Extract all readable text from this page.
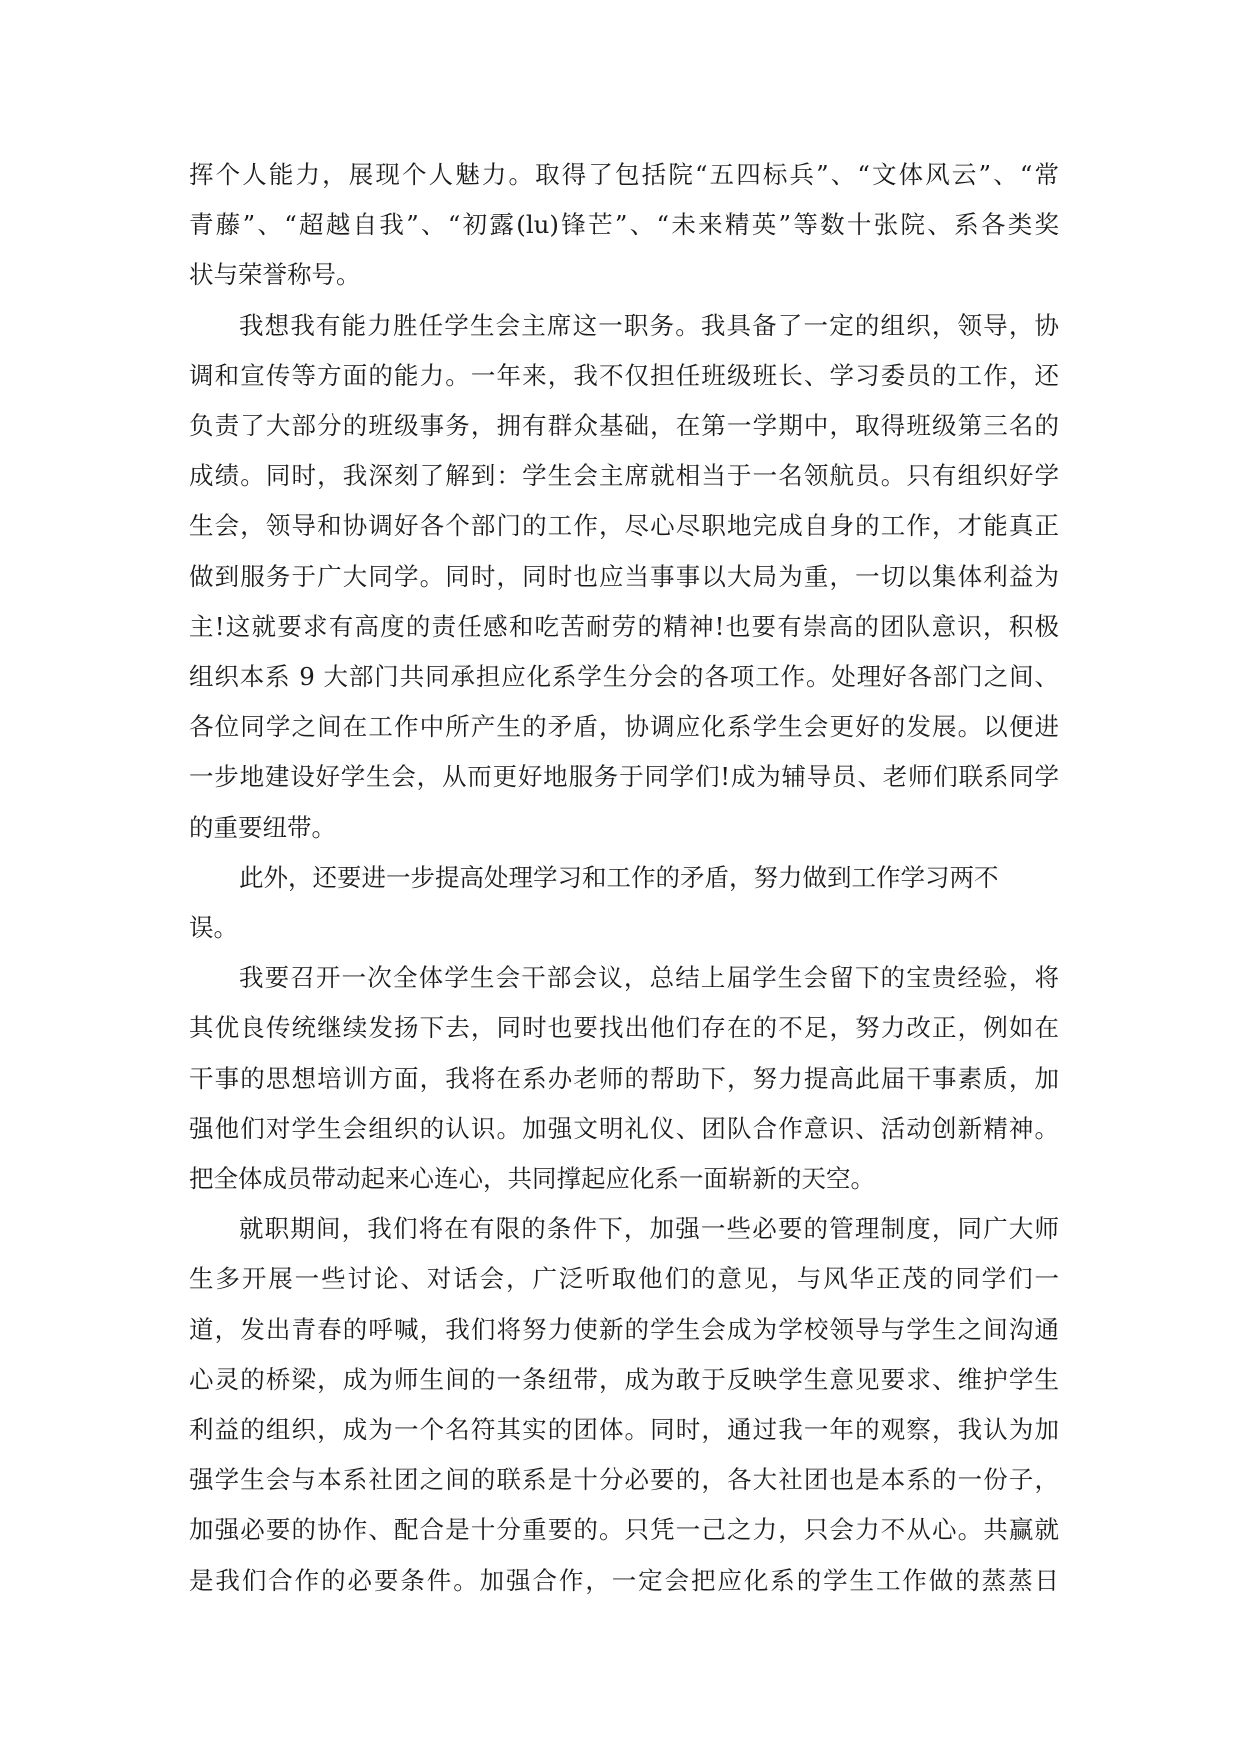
挥个人能力，展现个人魅力。取得了包括院“五四标兵”、“文体风云”、“常
青藤”、“超越自我”、“初露(lu)锋芒”、“未来精英”等数十张院、系各类奖
状与荣誉称号。

我想我有能力胜任学生会主席这一职务。我具备了一定的组织，领导，协
调和宣传等方面的能力。一年来，我不仅担任班级班长、学习委员的工作，还
负责了大部分的班级事务，拥有群众基础，在第一学期中，取得班级第三名的
成绩。同时，我深刻了解到：学生会主席就相当于一名领航员。只有组织好学
生会，领导和协调好各个部门的工作，尽心尽职地完成自身的工作，才能真正
做到服务于广大同学。同时，同时也应当事事以大局为重，一切以集体利益为
主!这就要求有高度的责任感和吃苦耐劳的精神!也要有崇高的团队意识，积极
组织本系 9 大部门共同承担应化系学生分会的各项工作。处理好各部门之间、
各位同学之间在工作中所产生的矛盾，协调应化系学生会更好的发展。以便进
一步地建设好学生会，从而更好地服务于同学们!成为辅导员、老师们联系同学
的重要纽带。

此外，还要进一步提高处理学习和工作的矛盾，努力做到工作学习两不
误。

我要召开一次全体学生会干部会议，总结上届学生会留下的宝贵经验，将
其优良传统继续发扬下去，同时也要找出他们存在的不足，努力改正，例如在
干事的思想培训方面，我将在系办老师的帮助下，努力提高此届干事素质，加
强他们对学生会组织的认识。加强文明礼仪、团队合作意识、活动创新精神。
把全体成员带动起来心连心，共同撑起应化系一面崭新的天空。

就职期间，我们将在有限的条件下，加强一些必要的管理制度，同广大师
生多开展一些讨论、对话会，广泛听取他们的意见，与风华正茂的同学们一
道，发出青春的呼喊，我们将努力使新的学生会成为学校领导与学生之间沟通
心灵的桥梁，成为师生间的一条纽带，成为敢于反映学生意见要求、维护学生
利益的组织，成为一个名符其实的团体。同时，通过我一年的观察，我认为加
强学生会与本系社团之间的联系是十分必要的，各大社团也是本系的一份子，
加强必要的协作、配合是十分重要的。只凭一己之力，只会力不从心。共赢就
是我们合作的必要条件。加强合作，一定会把应化系的学生工作做的蒸蒸日
